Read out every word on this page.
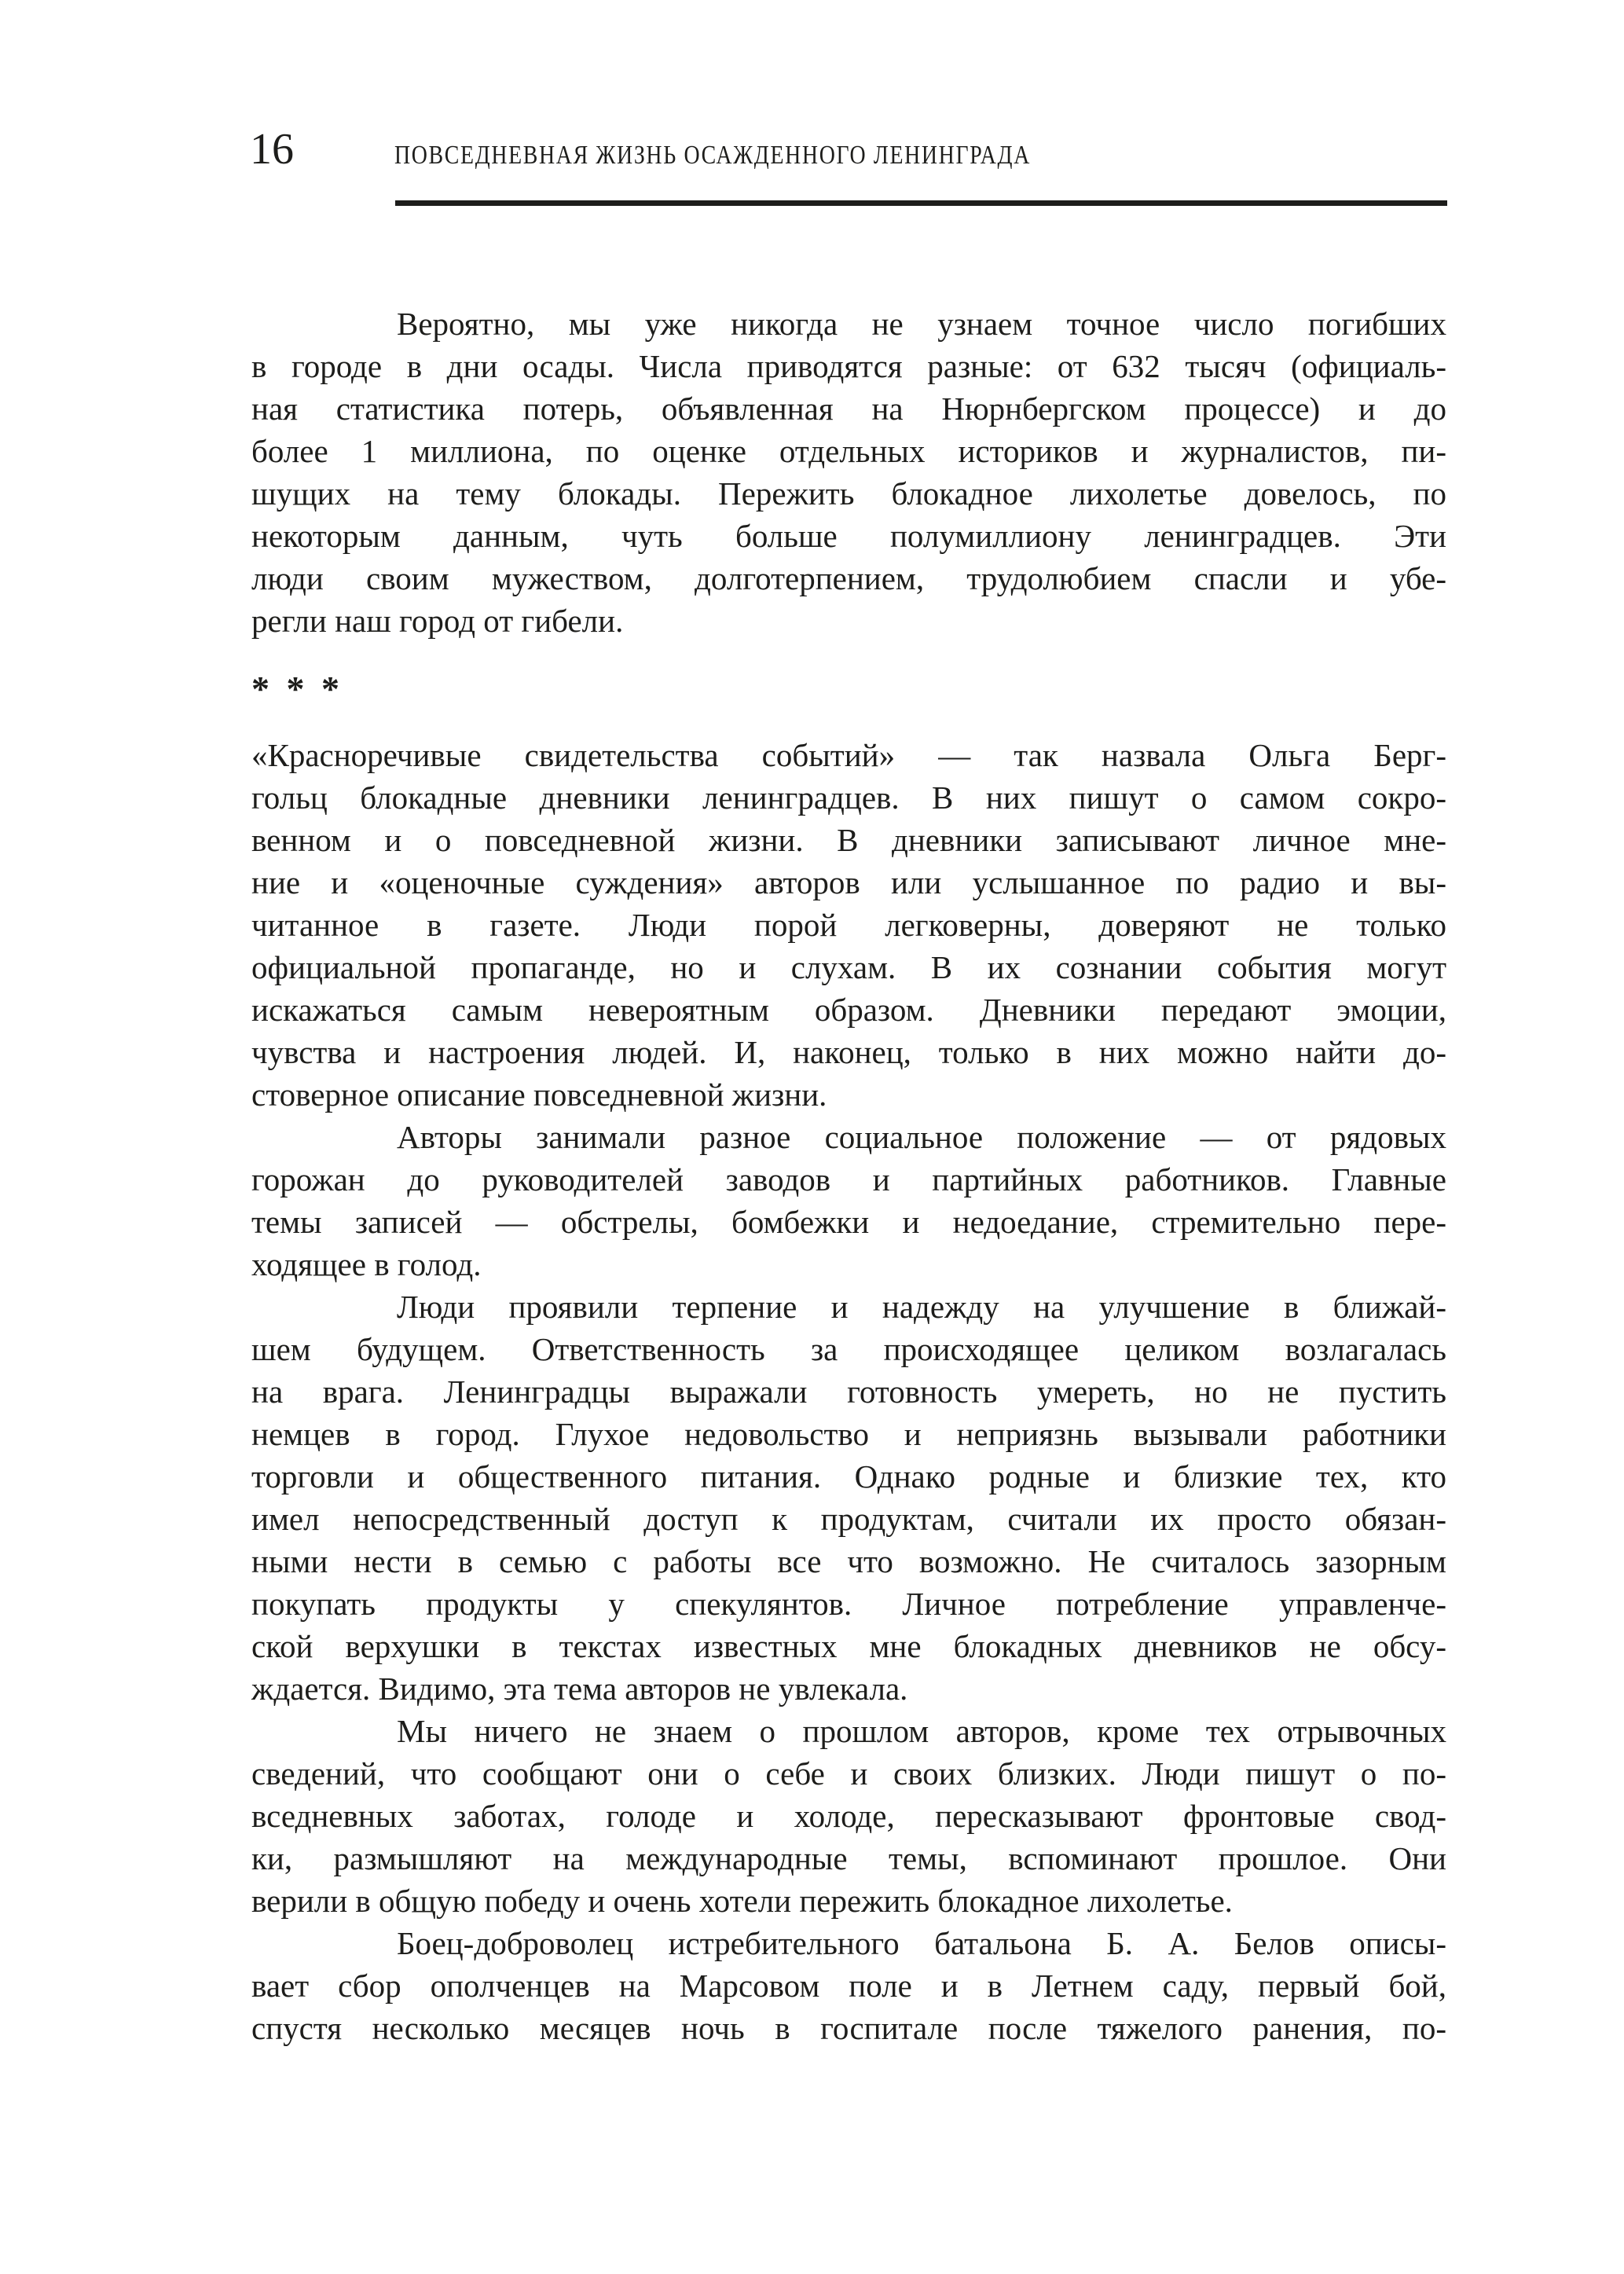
16	ПОВСЕДНЕВНАЯ ЖИЗНЬ ОСАЖДЕННОГО ЛЕНИНГРАДА
Вероятно, мы уже никогда не узнаем точное число погибших
в городе в дни осады. Числа приводятся разные: от 632 тысяч (официаль-
ная статистика потерь, объявленная на Нюрнбергском процессе) и до
более 1 миллиона, по оценке отдельных историков и журналистов, пи-
шущих на тему блокады. Пережить блокадное лихолетье довелось, по
некоторым данным, чуть больше полумиллиону ленинградцев. Эти
люди своим мужеством, долготерпением, трудолюбием спасли и убе-
регли наш город от гибели.
* * *
«Красноречивые свидетельства событий» — так назвала Ольга Берг-
гольц блокадные дневники ленинградцев. В них пишут о самом сокро-
венном и о повседневной жизни. В дневники записывают личное мне-
ние и «оценочные суждения» авторов или услышанное по радио и вы-
читанное в газете. Люди порой легковерны, доверяют не только
официальной пропаганде, но и слухам. В их сознании события могут
искажаться самым невероятным образом. Дневники передают эмоции,
чувства и настроения людей. И, наконец, только в них можно найти до-
стоверное описание повседневной жизни.
Авторы занимали разное социальное положение — от рядовых
горожан до руководителей заводов и партийных работников. Главные
темы записей — обстрелы, бомбежки и недоедание, стремительно пере-
ходящее в голод.
Люди проявили терпение и надежду на улучшение в ближай-
шем будущем. Ответственность за происходящее целиком возлагалась
на врага. Ленинградцы выражали готовность умереть, но не пустить
немцев в город. Глухое недовольство и неприязнь вызывали работники
торговли и общественного питания. Однако родные и близкие тех, кто
имел непосредственный доступ к продуктам, считали их просто обязан-
ными нести в семью с работы все что возможно. Не считалось зазорным
покупать продукты у спекулянтов. Личное потребление управленче-
ской верхушки в текстах известных мне блокадных дневников не обсу-
ждается. Видимо, эта тема авторов не увлекала.
Мы ничего не знаем о прошлом авторов, кроме тех отрывочных
сведений, что сообщают они о себе и своих близких. Люди пишут о по-
вседневных заботах, голоде и холоде, пересказывают фронтовые свод-
ки, размышляют на международные темы, вспоминают прошлое. Они
верили в общую победу и очень хотели пережить блокадное лихолетье.
Боец-доброволец истребительного батальона Б. А. Белов описы-
вает сбор ополченцев на Марсовом поле и в Летнем саду, первый бой,
спустя несколько месяцев ночь в госпитале после тяжелого ранения, по-
